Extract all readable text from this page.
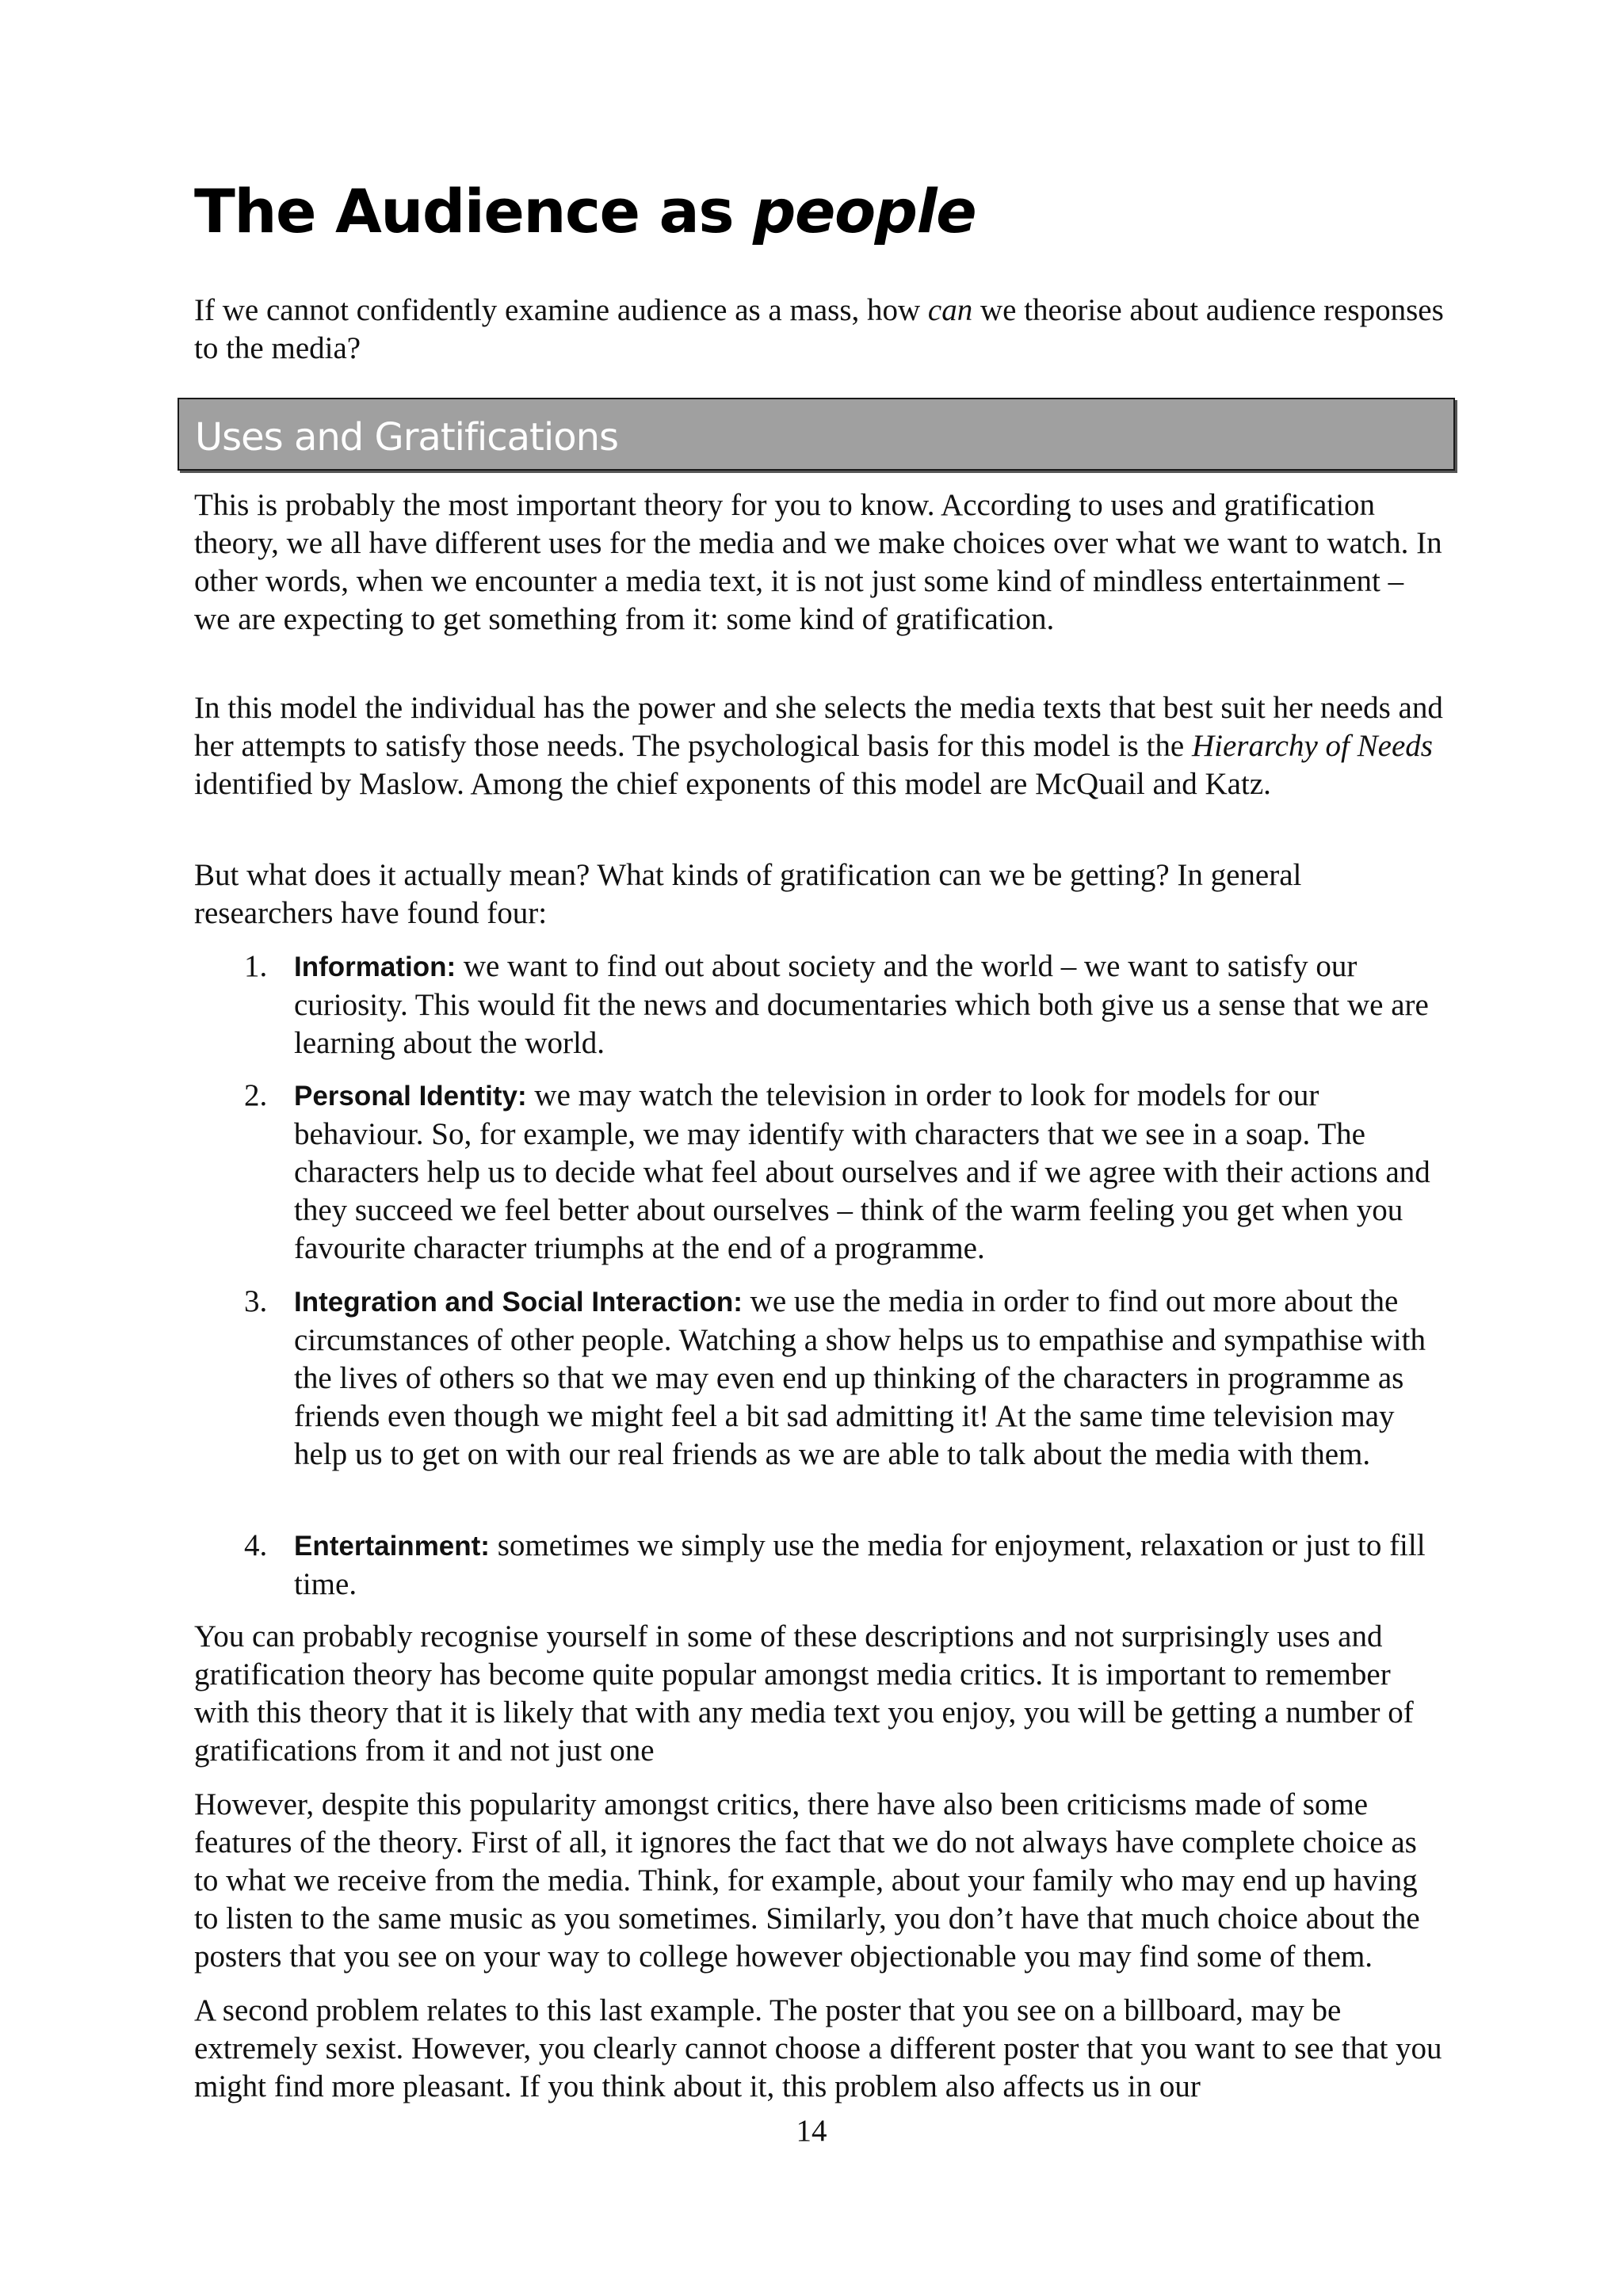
The Audience as people

If we cannot confidently examine audience as a mass, how can we theorise about audience responses to the media?

Uses and Gratifications

This is probably the most important theory for you to know. According to uses and gratification theory, we all have different uses for the media and we make choices over what we want to watch. In other words, when we encounter a media text, it is not just some kind of mindless entertainment – we are expecting to get something from it: some kind of gratification.

In this model the individual has the power and she selects the media texts that best suit her needs and her attempts to satisfy those needs. The psychological basis for this model is the Hierarchy of Needs identified by Maslow. Among the chief exponents of this model are McQuail and Katz.

But what does it actually mean? What kinds of gratification can we be getting? In general researchers have found four:

1. Information: we want to find out about society and the world – we want to satisfy our curiosity. This would fit the news and documentaries which both give us a sense that we are learning about the world.

2. Personal Identity: we may watch the television in order to look for models for our behaviour. So, for example, we may identify with characters that we see in a soap. The characters help us to decide what feel about ourselves and if we agree with their actions and they succeed we feel better about ourselves – think of the warm feeling you get when you favourite character triumphs at the end of a programme.

3. Integration and Social Interaction: we use the media in order to find out more about the circumstances of other people. Watching a show helps us to empathise and sympathise with the lives of others so that we may even end up thinking of the characters in programme as friends even though we might feel a bit sad admitting it! At the same time television may help us to get on with our real friends as we are able to talk about the media with them.

4. Entertainment: sometimes we simply use the media for enjoyment, relaxation or just to fill time.

You can probably recognise yourself in some of these descriptions and not surprisingly uses and gratification theory has become quite popular amongst media critics. It is important to remember with this theory that it is likely that with any media text you enjoy, you will be getting a number of gratifications from it and not just one

However, despite this popularity amongst critics, there have also been criticisms made of some features of the theory. First of all, it ignores the fact that we do not always have complete choice as to what we receive from the media. Think, for example, about your family who may end up having to listen to the same music as you sometimes. Similarly, you don’t have that much choice about the posters that you see on your way to college however objectionable you may find some of them.

A second problem relates to this last example. The poster that you see on a billboard, may be extremely sexist. However, you clearly cannot choose a different poster that you want to see that you might find more pleasant. If you think about it, this problem also affects us in our

14
